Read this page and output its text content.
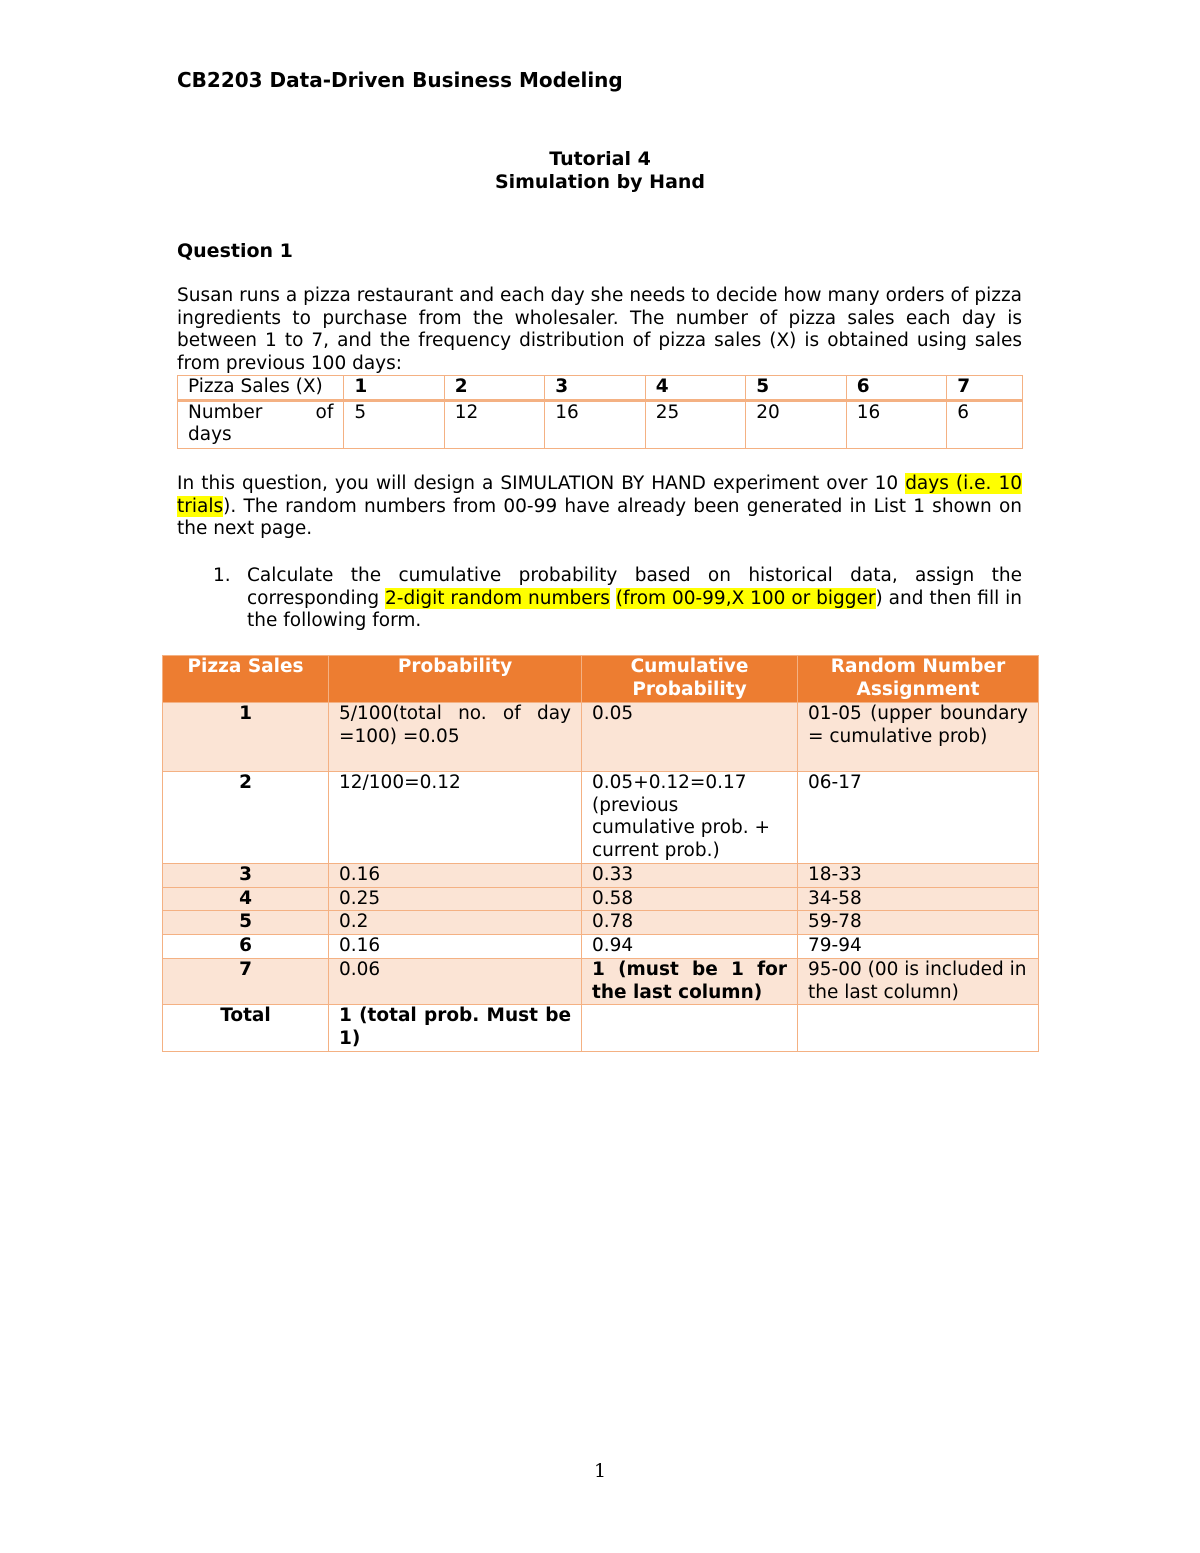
CB2203 Data-Driven Business Modeling
Tutorial 4
Simulation by Hand
Question 1
Susan runs a pizza restaurant and each day she needs to decide how many orders of pizza ingredients to purchase from the wholesaler. The number of pizza sales each day is between 1 to 7, and the frequency distribution of pizza sales (X) is obtained using sales from previous 100 days:
Pizza Sales (X)	1	2	3	4	5	6	7
Number of days	5	12	16	25	20	16	6
In this question, you will design a SIMULATION BY HAND experiment over 10 days (i.e. 10 trials). The random numbers from 00-99 have already been generated in List 1 shown on the next page.
1. Calculate the cumulative probability based on historical data, assign the corresponding 2-digit random numbers (from 00-99,X 100 or bigger) and then fill in the following form.
Pizza Sales	Probability	Cumulative Probability	Random Number Assignment
1	5/100(total no. of day =100) =0.05	0.05	01-05 (upper boundary = cumulative prob)
2	12/100=0.12	0.05+0.12=0.17 (previous cumulative prob. + current prob.)	06-17
3	0.16	0.33	18-33
4	0.25	0.58	34-58
5	0.2	0.78	59-78
6	0.16	0.94	79-94
7	0.06	1 (must be 1 for the last column)	95-00 (00 is included in the last column)
Total	1 (total prob. Must be 1)		
1
